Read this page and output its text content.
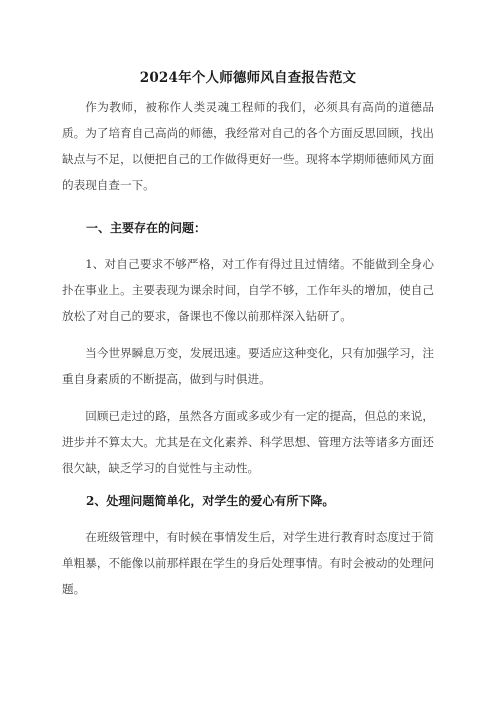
2024年个人师德师风自查报告范文
作为教师，被称作人类灵魂工程师的我们，必须具有高尚的道德品质。为了培育自己高尚的师德，我经常对自己的各个方面反思回顾，找出缺点与不足，以便把自己的工作做得更好一些。现将本学期师德师风方面的表现自查一下。
一、主要存在的问题：
1、对自己要求不够严格，对工作有得过且过情绪。不能做到全身心扑在事业上。主要表现为课余时间，自学不够，工作年头的增加，使自己放松了对自己的要求，备课也不像以前那样深入钻研了。
当今世界瞬息万变，发展迅速。要适应这种变化，只有加强学习，注重自身素质的不断提高，做到与时俱进。
回顾已走过的路，虽然各方面或多或少有一定的提高，但总的来说，进步并不算太大。尤其是在文化素养、科学思想、管理方法等诸多方面还很欠缺，缺乏学习的自觉性与主动性。
2、处理问题简单化，对学生的爱心有所下降。
在班级管理中，有时候在事情发生后，对学生进行教育时态度过于简单粗暴，不能像以前那样跟在学生的身后处理事情。有时会被动的处理问题。
